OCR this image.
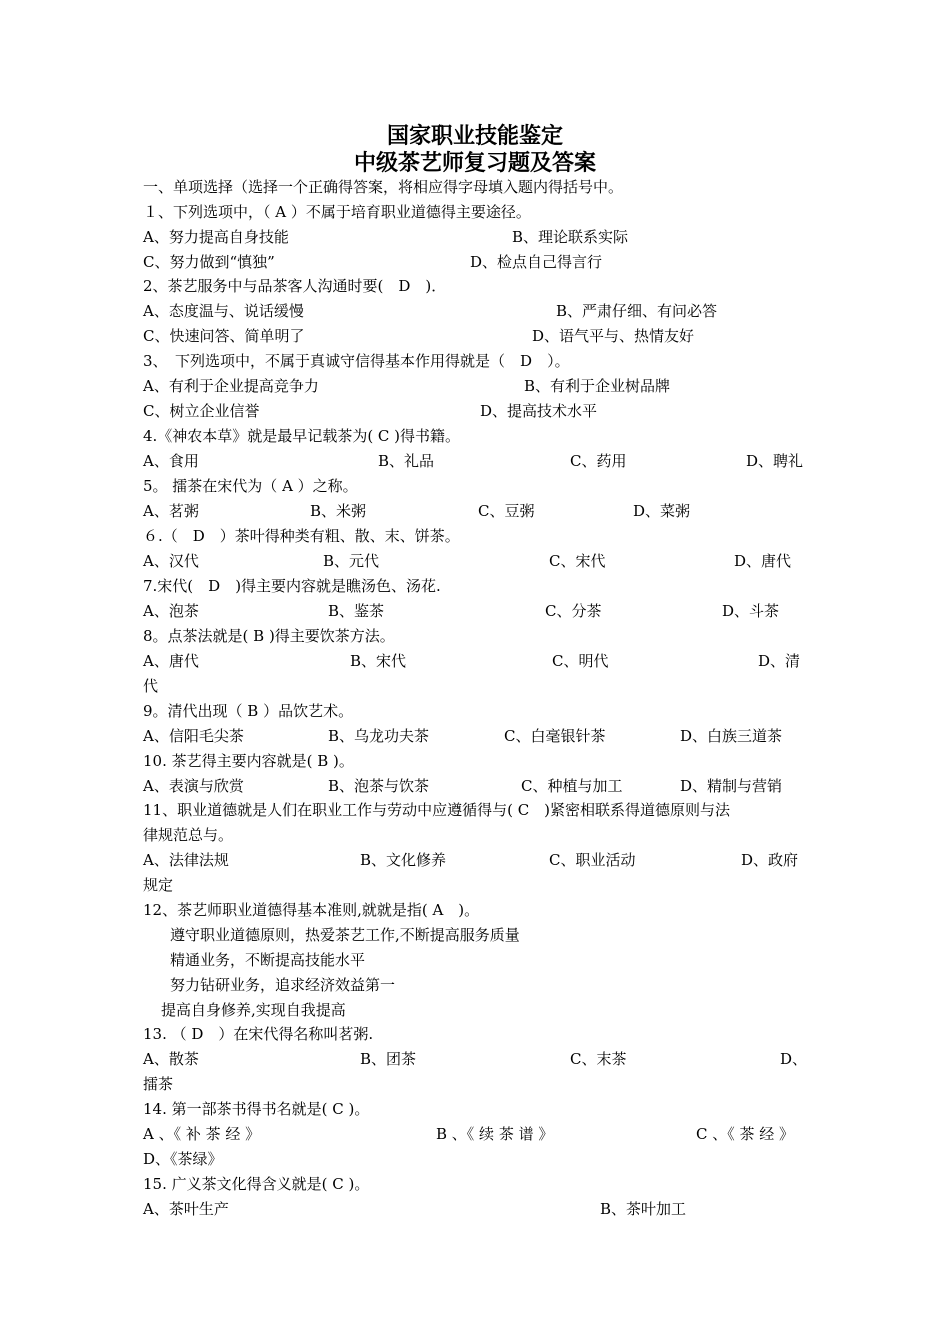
国家职业技能鉴定
中级茶艺师复习题及答案
一、单项选择（选择一个正确得答案，将相应得字母填入题内得括号中。
１、下列选项中，（ A ）不属于培育职业道德得主要途径。
A、努力提高自身技能	B、理论联系实际
C、努力做到“慎独”	D、检点自己得言行
2、茶艺服务中与品茶客人沟通时要(　D　)．
A、态度温与、说话缓慢	B、严肃仔细、有问必答
C、快速问答、简单明了	D、语气平与、热情友好
3、　下列选项中，不属于真诚守信得基本作用得就是（　D　）。
A、有利于企业提高竞争力	B、有利于企业树品牌
C、树立企业信誉	D、提高技术水平
4.《神农本草》就是最早记载茶为( C )得书籍。
A、食用	B、礼品	C、药用	D、聘礼
5。 擂茶在宋代为（ A ）之称。
A、茗粥	B、米粥	C、豆粥	D、菜粥
６.（　D　）茶叶得种类有粗、散、末、饼茶。
A、汉代	B、元代	C、宋代	D、唐代
7.宋代(　D　)得主要内容就是瞧汤色、汤花.
A、泡茶	B、鉴茶	C、分茶	D、斗茶
8。点茶法就是( B )得主要饮茶方法。
A、唐代	B、宋代	C、明代	D、清
代
9。清代出现（ B ）品饮艺术。
A、信阳毛尖茶	B、乌龙功夫茶	C、白毫银针茶	D、白族三道茶
10. 茶艺得主要内容就是( B )。
A、表演与欣赏	B、泡茶与饮茶	C、种植与加工	D、精制与营销
11、职业道德就是人们在职业工作与劳动中应遵循得与( C　)紧密相联系得道德原则与法
律规范总与。
A、法律法规	B、文化修养	C、职业活动	D、政府
规定
12、茶艺师职业道德得基本准则,就就是指( A　)。
遵守职业道德原则，热爱茶艺工作,不断提高服务质量
精通业务，不断提高技能水平
努力钻研业务，追求经济效益第一
提高自身修养,实现自我提高
13. （ D　）在宋代得名称叫茗粥.
A、散茶	B、团茶	C、末茶	D、
擂茶
14. 第一部茶书得书名就是( C )。
A 、《 补 茶 经 》	B 、《 续 茶 谱 》	C 、《 茶 经 》
D、《茶绿》
15. 广义茶文化得含义就是( C )。
A、茶叶生产	B、茶叶加工
